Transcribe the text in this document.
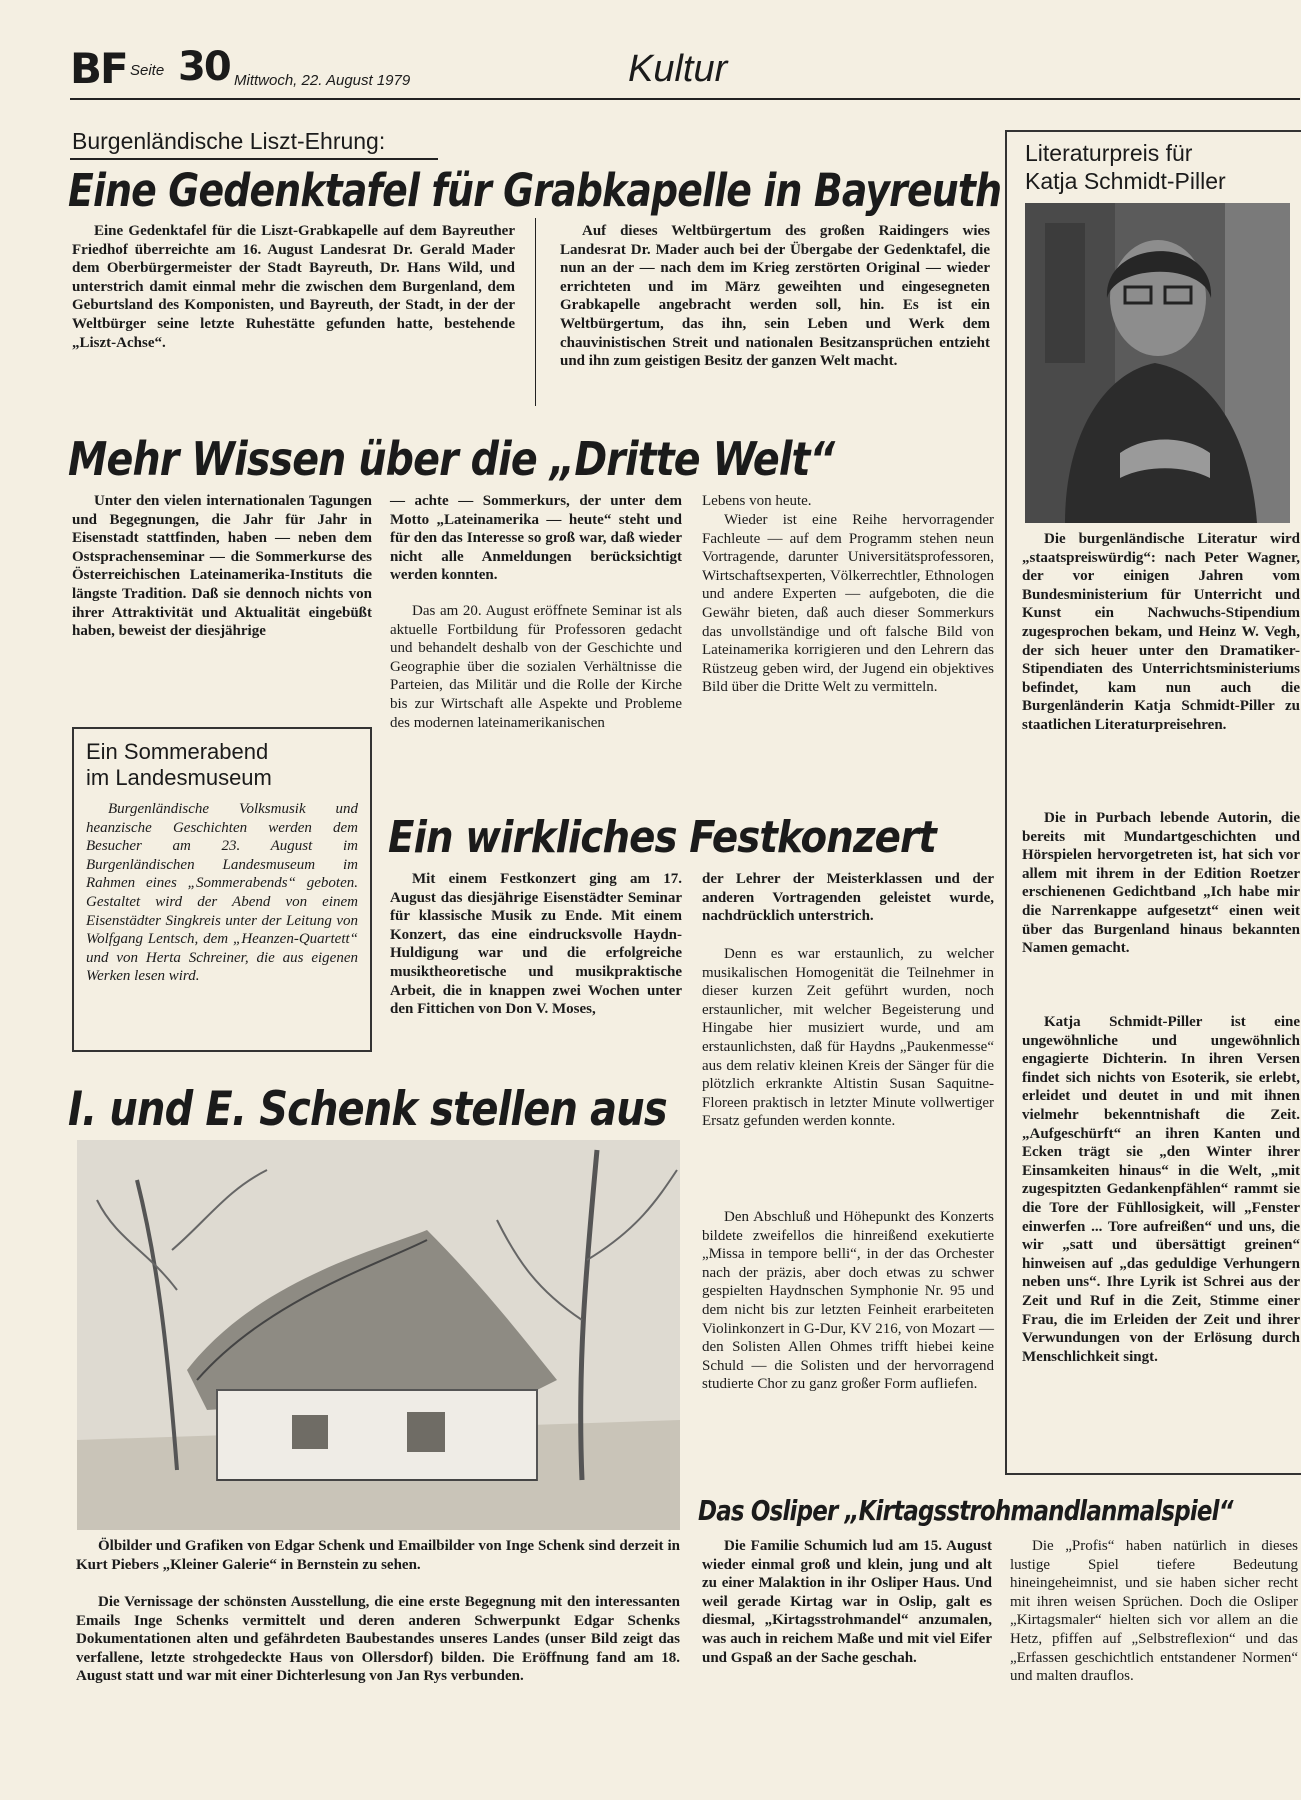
BF Seite 30 Mittwoch, 22. August 1979	Kultur
Burgenländische Liszt-Ehrung:
Eine Gedenktafel für Grabkapelle in Bayreuth

Eine Gedenktafel für die Liszt-Grabkapelle auf dem Bayreuther Friedhof überreichte am 16. August Landesrat Dr. Gerald Mader dem Oberbürgermeister der Stadt Bayreuth, Dr. Hans Wild, und unterstrich damit einmal mehr die zwischen dem Burgenland, dem Geburtsland des Komponisten, und Bayreuth, der Stadt, in der der Weltbürger seine letzte Ruhestätte gefunden hatte, bestehende „Liszt-Achse“.

Auf dieses Weltbürgertum des großen Raidingers wies Landesrat Dr. Mader auch bei der Übergabe der Gedenktafel, die nun an der — nach dem im Krieg zerstörten Original — wieder errichteten und im März geweihten und eingesegneten Grabkapelle angebracht werden soll, hin. Es ist ein Weltbürgertum, das ihn, sein Leben und Werk dem chauvinistischen Streit und nationalen Besitzansprüchen entzieht und ihn zum geistigen Besitz der ganzen Welt macht.

Literaturpreis für
Katja Schmidt-Piller

Die burgenländische Literatur wird „staatspreiswürdig“: nach Peter Wagner, der vor einigen Jahren vom Bundesministerium für Unterricht und Kunst ein Nachwuchs-Stipendium zugesprochen bekam, und Heinz W. Vegh, der sich heuer unter den Dramatiker-Stipendiaten des Unterrichtsministeriums befindet, kam nun auch die Burgenländerin Katja Schmidt-Piller zu staatlichen Literaturpreisehren.

Die in Purbach lebende Autorin, die bereits mit Mundartgeschichten und Hörspielen hervorgetreten ist, hat sich vor allem mit ihrem in der Edition Roetzer erschienenen Gedichtband „Ich habe mir die Narrenkappe aufgesetzt“ einen weit über das Burgenland hinaus bekannten Namen gemacht.

Katja Schmidt-Piller ist eine ungewöhnliche und ungewöhnlich engagierte Dichterin. In ihren Versen findet sich nichts von Esoterik, sie erlebt, erleidet und deutet in und mit ihnen vielmehr bekenntnishaft die Zeit. „Aufgeschürft“ an ihren Kanten und Ecken trägt sie „den Winter ihrer Einsamkeiten hinaus“ in die Welt, „mit zugespitzten Gedankenpfählen“ rammt sie die Tore der Fühllosigkeit, will „Fenster einwerfen ... Tore aufreißen“ und uns, die wir „satt und übersättigt greinen“ hinweisen auf „das geduldige Verhungern neben uns“. Ihre Lyrik ist Schrei aus der Zeit und Ruf in die Zeit, Stimme einer Frau, die im Erleiden der Zeit und ihrer Verwundungen von der Erlösung durch Menschlichkeit singt.

Mehr Wissen über die „Dritte Welt“

Unter den vielen internationalen Tagungen und Begegnungen, die Jahr für Jahr in Eisenstadt stattfinden, haben — neben dem Ostsprachenseminar — die Sommerkurse des Österreichischen Lateinamerika-Instituts die längste Tradition. Daß sie dennoch nichts von ihrer Attraktivität und Aktualität eingebüßt haben, beweist der diesjährige

— achte — Sommerkurs, der unter dem Motto „Lateinamerika — heute“ steht und für den das Interesse so groß war, daß wieder nicht alle Anmeldungen berücksichtigt werden konnten.

Das am 20. August eröffnete Seminar ist als aktuelle Fortbildung für Professoren gedacht und behandelt deshalb von der Geschichte und Geographie über die sozialen Verhältnisse die Parteien, das Militär und die Rolle der Kirche bis zur Wirtschaft alle Aspekte und Probleme des modernen lateinamerikanischen

Lebens von heute.

Wieder ist eine Reihe hervorragender Fachleute — auf dem Programm stehen neun Vortragende, darunter Universitätsprofessoren, Wirtschaftsexperten, Völkerrechtler, Ethnologen und andere Experten — aufgeboten, die die Gewähr bieten, daß auch dieser Sommerkurs das unvollständige und oft falsche Bild von Lateinamerika korrigieren und den Lehrern das Rüstzeug geben wird, der Jugend ein objektives Bild über die Dritte Welt zu vermitteln.

Ein Sommerabend
im Landesmuseum

Burgenländische Volksmusik und heanzische Geschichten werden dem Besucher am 23. August im Burgenländischen Landesmuseum im Rahmen eines „Sommerabends“ geboten. Gestaltet wird der Abend von einem Eisenstädter Singkreis unter der Leitung von Wolfgang Lentsch, dem „Heanzen-Quartett“ und von Herta Schreiner, die aus eigenen Werken lesen wird.

Ein wirkliches Festkonzert

Mit einem Festkonzert ging am 17. August das diesjährige Eisenstädter Seminar für klassische Musik zu Ende. Mit einem Konzert, das eine eindrucksvolle Haydn-Huldigung war und die erfolgreiche musiktheoretische und musikpraktische Arbeit, die in knappen zwei Wochen unter den Fittichen von Don V. Moses,

der Lehrer der Meisterklassen und der anderen Vortragenden geleistet wurde, nachdrücklich unterstrich.

Denn es war erstaunlich, zu welcher musikalischen Homogenität die Teilnehmer in dieser kurzen Zeit geführt wurden, noch erstaunlicher, mit welcher Begeisterung und Hingabe hier musiziert wurde, und am erstaunlichsten, daß für Haydns „Paukenmesse“ aus dem relativ kleinen Kreis der Sänger für die plötzlich erkrankte Altistin Susan Saquitne-Floreen praktisch in letzter Minute vollwertiger Ersatz gefunden werden konnte.

Den Abschluß und Höhepunkt des Konzerts bildete zweifellos die hinreißend exekutierte „Missa in tempore belli“, in der das Orchester nach der präzis, aber doch etwas zu schwer gespielten Haydnschen Symphonie Nr. 95 und dem nicht bis zur letzten Feinheit erarbeiteten Violinkonzert in G-Dur, KV 216, von Mozart — den Solisten Allen Ohmes trifft hiebei keine Schuld — die Solisten und der hervorragend studierte Chor zu ganz großer Form aufliefen.

I. und E. Schenk stellen aus

Ölbilder und Grafiken von Edgar Schenk und Emailbilder von Inge Schenk sind derzeit in Kurt Piebers „Kleiner Galerie“ in Bernstein zu sehen.

Die Vernissage der schönsten Ausstellung, die eine erste Begegnung mit den interessanten Emails Inge Schenks vermittelt und deren anderen Schwerpunkt Edgar Schenks Dokumentationen alten und gefährdeten Baubestandes unseres Landes (unser Bild zeigt das verfallene, letzte strohgedeckte Haus von Ollersdorf) bilden. Die Eröffnung fand am 18. August statt und war mit einer Dichterlesung von Jan Rys verbunden.

Das Osliper „Kirtagsstrohmandlanmalspiel“

Die Familie Schumich lud am 15. August wieder einmal groß und klein, jung und alt zu einer Malaktion in ihr Osliper Haus. Und weil gerade Kirtag war in Oslip, galt es diesmal, „Kirtagsstrohmandel“ anzumalen, was auch in reichem Maße und mit viel Eifer und Gspaß an der Sache geschah.

Die „Profis“ haben natürlich in dieses lustige Spiel tiefere Bedeutung hineingeheimnist, und sie haben sicher recht mit ihren weisen Sprüchen. Doch die Osliper „Kirtagsmaler“ hielten sich vor allem an die Hetz, pfiffen auf „Selbstreflexion“ und das „Erfassen geschichtlich entstandener Normen“ und malten drauflos.
